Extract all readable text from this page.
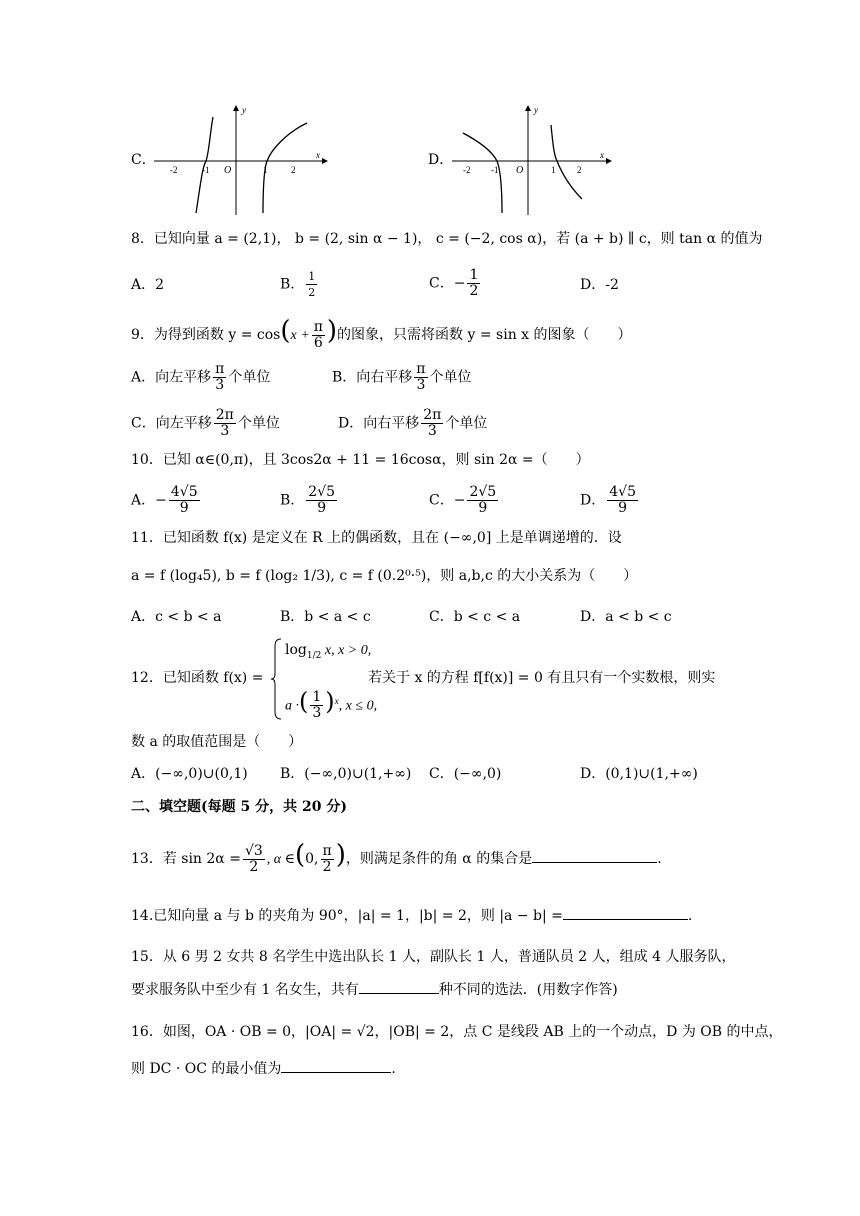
C．
y
x
O
-2	-1	1	2
D．
y
x
O
-2 -1	1 2
8．已知向量 a = (2,1)， b = (2, sin α − 1)， c = (−2, cos α)，若 (a + b) ∥ c，则 tan α 的值为
A．2	B． $\frac{1}{2}$	C．− $\frac{1}{2}$	D．-2
9．为得到函数 $y = \cos(x + \frac{\pi}{6}$ )的图象，只需将函数 y = sin x 的图象（　　）
A．向左平移 $\frac{\pi}{3}$ 个单位	B．向右平移 $\frac{\pi}{3}$ 个单位
C．向左平移 $\frac{2\pi}{3}$ 个单位	D．向右平移 $\frac{2\pi}{3}$ 个单位
10．已知 α∈(0,π)，且 3cos2α + 11 = 16cosα，则 sin 2α =（　　）
A．− $\frac{4√5}{9}$	B． $\frac{2√5}{9}$	C．− $\frac{2√5}{9}$	D． $\frac{4√5}{9}$
11．已知函数 f(x) 是定义在 R 上的偶函数，且在 (−∞,0] 上是单调递增的．设
a = f (log₄5), b = f (log₂ 1/3), c = f (0.2⁰·⁵)，则 a,b,c 的大小关系为（　　）
A．c < b < a	B．b < a < c	C．b < c < a	D．a < b < c
12．已知函数 f(x) =
$\log_{1/2} x$, x > 0,
a ·( $\frac{1}{3} )^x$, x ≤ 0,
若关于 x 的方程 f[f(x)] = 0 有且只有一个实数根，则实
数 a 的取值范围是（　　）
A．(−∞,0)∪(0,1) B．(−∞,0)∪(1,+∞) C．(−∞,0)	D．(0,1)∪(1,+∞)
二、填空题(每题 5 分，共 20 分)
13．若 $\sin 2\alpha = \frac{√3}{2}$ , α ∈(0, $\frac{\pi}{2}$ )，则满足条件的角 α 的集合是	.
14.已知向量 a 与 b 的夹角为 90°，|a| = 1，|b| = 2，则 |a − b| =	.
15．从 6 男 2 女共 8 名学生中选出队长 1 人，副队长 1 人，普通队员 2 人，组成 4 人服务队，
要求服务队中至少有 1 名女生，共有	种不同的选法．(用数字作答)
16．如图，OA · OB = 0，|OA| = √2，|OB| = 2，点 C 是线段 AB 上的一个动点，D 为 OB 的中点，
则 DC · OC 的最小值为	.
